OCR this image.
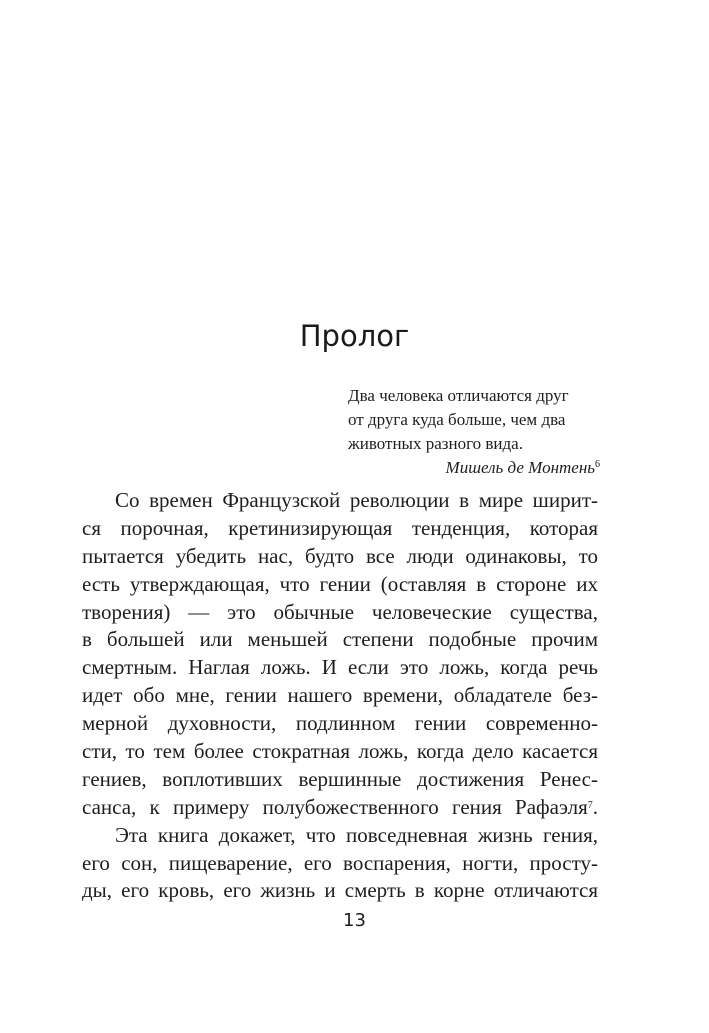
Пролог
Два человека отличаются друг
от друга куда больше, чем два
животных разного вида.
Мишель де Монтень$^6$
Со времен Французской революции в мире ширит-
ся порочная, кретинизирующая тенденция, которая
пытается убедить нас, будто все люди одинаковы, то
есть утверждающая, что гении (оставляя в стороне их
творения) — это обычные человеческие существа,
в большей или меньшей степени подобные прочим
смертным. Наглая ложь. И если это ложь, когда речь
идет обо мне, гении нашего времени, обладателе без-
мерной духовности, подлинном гении современно-
сти, то тем более стократная ложь, когда дело касается
гениев, воплотивших вершинные достижения Ренес-
санса, к примеру полубожественного гения Рафаэля$^7$.
Эта книга докажет, что повседневная жизнь гения,
его сон, пищеварение, его воспарения, ногти, просту-
ды, его кровь, его жизнь и смерть в корне отличаются
13
